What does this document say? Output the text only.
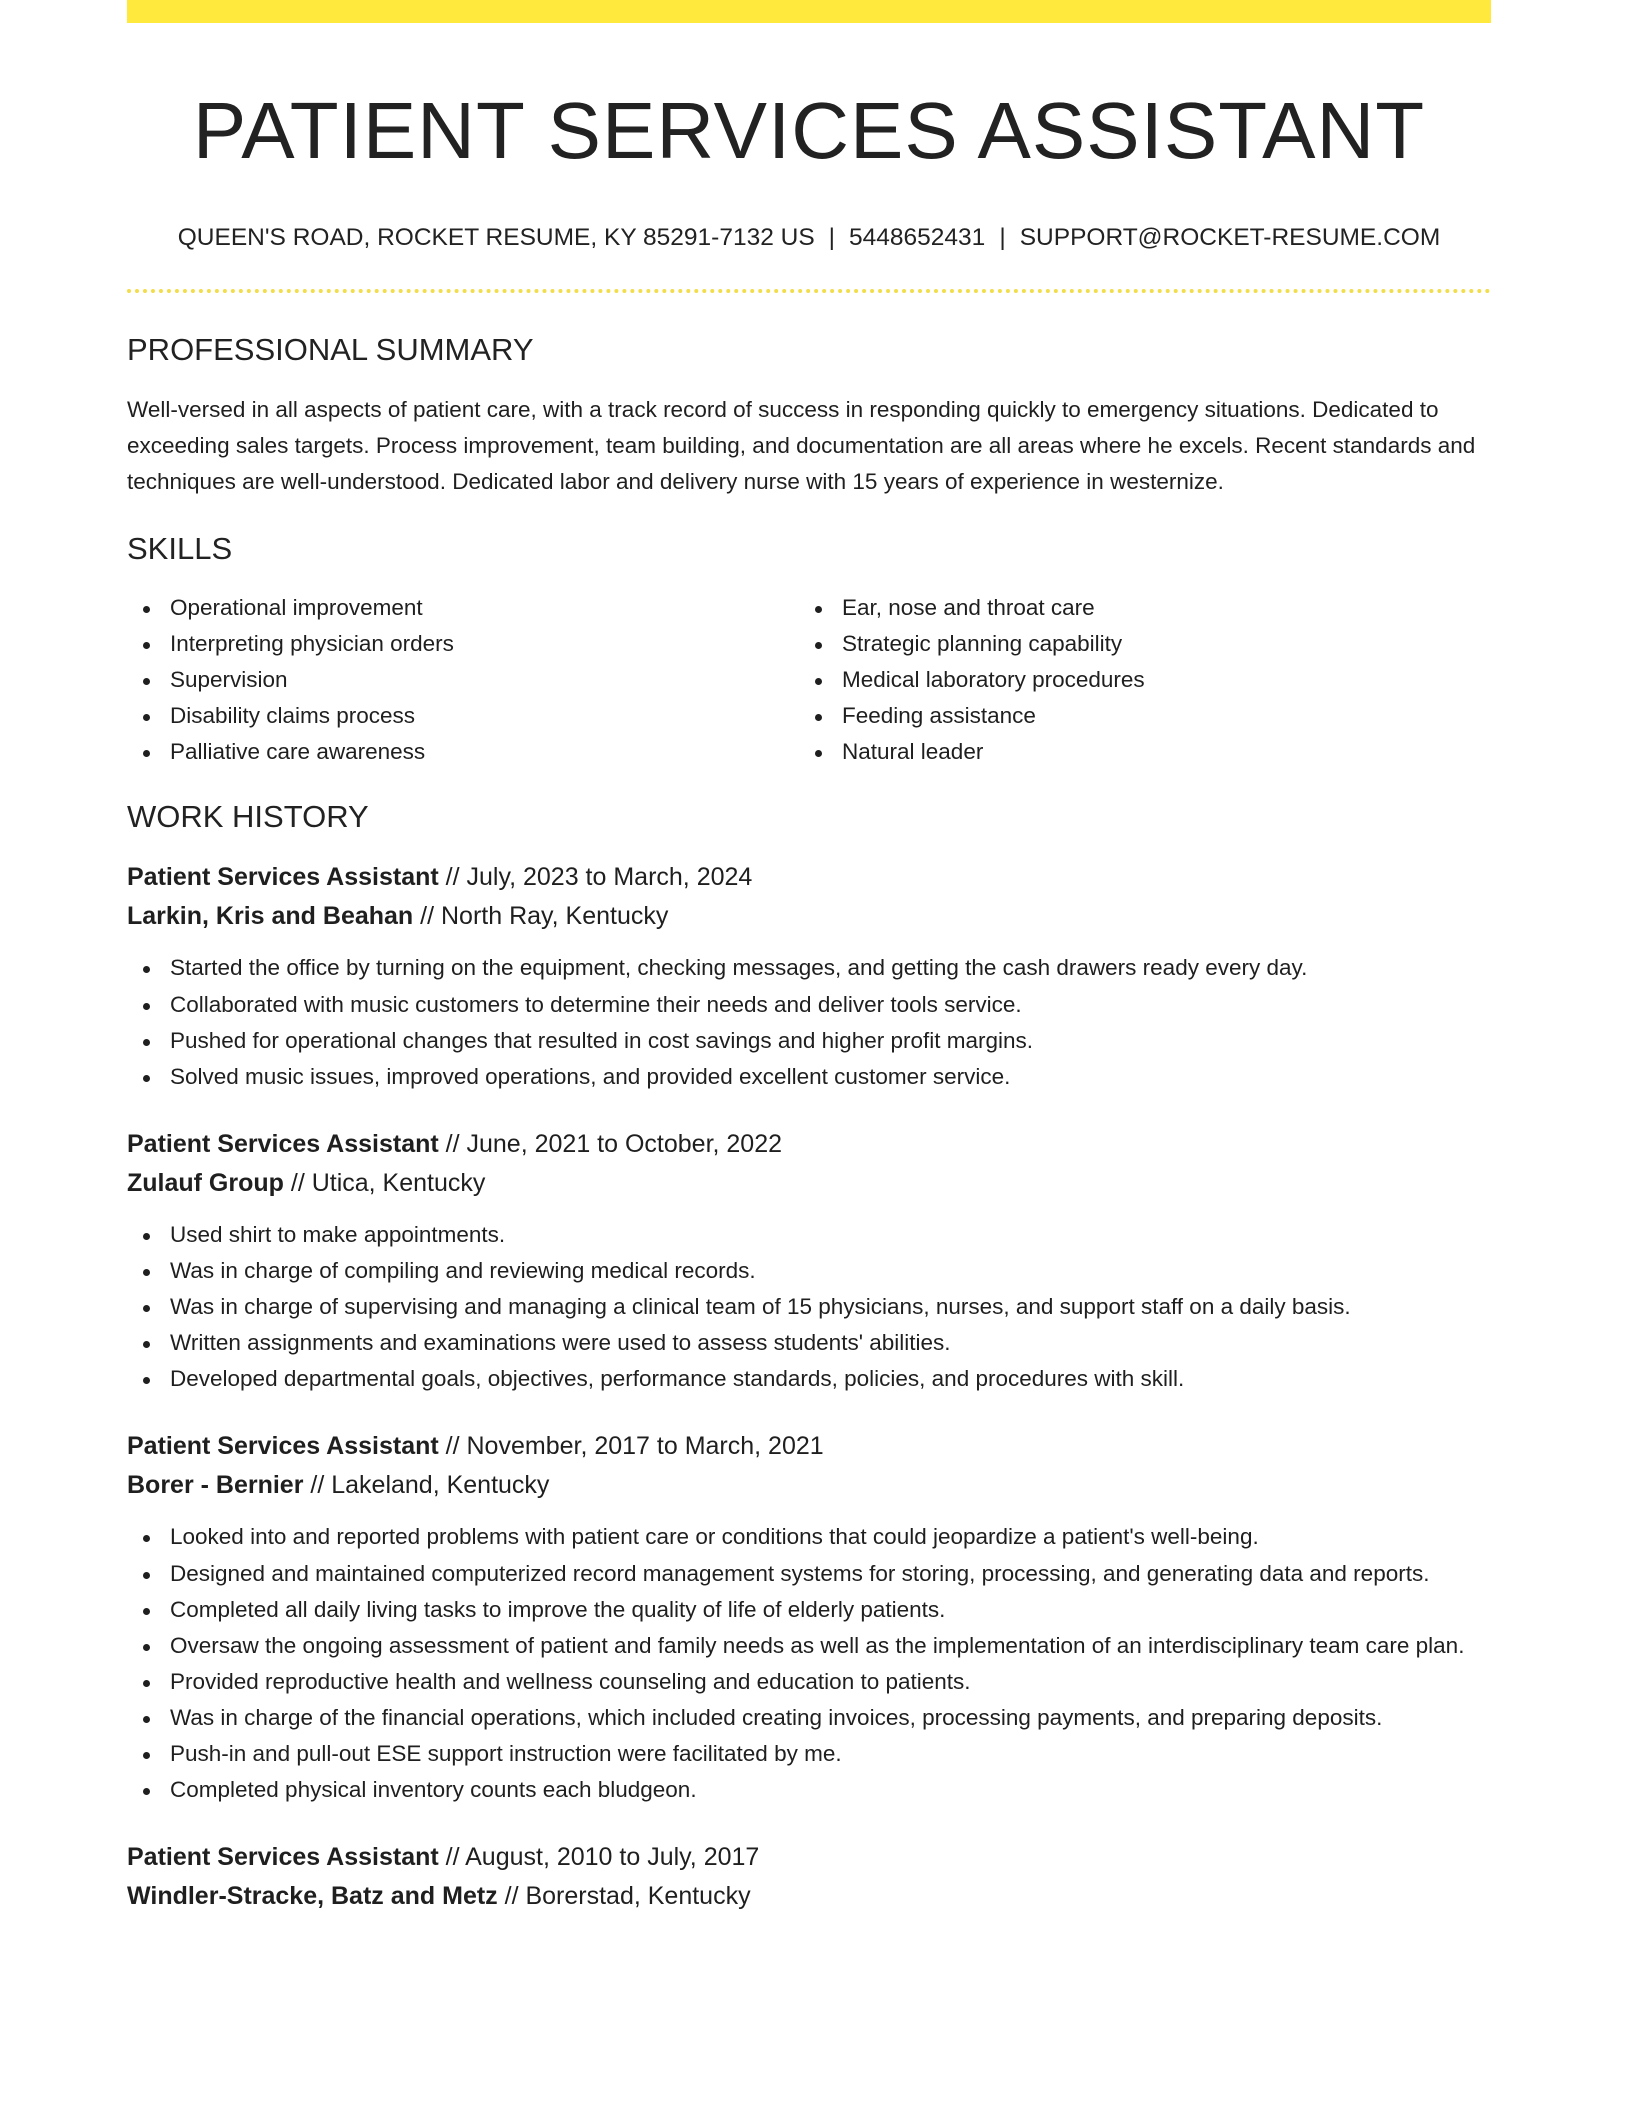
PATIENT SERVICES ASSISTANT
QUEEN'S ROAD, ROCKET RESUME, KY 85291-7132 US | 5448652431 | SUPPORT@ROCKET-RESUME.COM
PROFESSIONAL SUMMARY

Well-versed in all aspects of patient care, with a track record of success in responding quickly to emergency situations. Dedicated to exceeding sales targets. Process improvement, team building, and documentation are all areas where he excels. Recent standards and techniques are well-understood. Dedicated labor and delivery nurse with 15 years of experience in westernize.

SKILLS
Operational improvement
Interpreting physician orders
Supervision
Disability claims process
Palliative care awareness
Ear, nose and throat care
Strategic planning capability
Medical laboratory procedures
Feeding assistance
Natural leader
WORK HISTORY
Patient Services Assistant // July, 2023 to March, 2024
Larkin, Kris and Beahan // North Ray, Kentucky
Started the office by turning on the equipment, checking messages, and getting the cash drawers ready every day.
Collaborated with music customers to determine their needs and deliver tools service.
Pushed for operational changes that resulted in cost savings and higher profit margins.
Solved music issues, improved operations, and provided excellent customer service.
Patient Services Assistant // June, 2021 to October, 2022
Zulauf Group // Utica, Kentucky
Used shirt to make appointments.
Was in charge of compiling and reviewing medical records.
Was in charge of supervising and managing a clinical team of 15 physicians, nurses, and support staff on a daily basis.
Written assignments and examinations were used to assess students' abilities.
Developed departmental goals, objectives, performance standards, policies, and procedures with skill.
Patient Services Assistant // November, 2017 to March, 2021
Borer - Bernier // Lakeland, Kentucky
Looked into and reported problems with patient care or conditions that could jeopardize a patient's well-being.
Designed and maintained computerized record management systems for storing, processing, and generating data and reports.
Completed all daily living tasks to improve the quality of life of elderly patients.
Oversaw the ongoing assessment of patient and family needs as well as the implementation of an interdisciplinary team care plan.
Provided reproductive health and wellness counseling and education to patients.
Was in charge of the financial operations, which included creating invoices, processing payments, and preparing deposits.
Push-in and pull-out ESE support instruction were facilitated by me.
Completed physical inventory counts each bludgeon.
Patient Services Assistant // August, 2010 to July, 2017
Windler-Stracke, Batz and Metz // Borerstad, Kentucky
